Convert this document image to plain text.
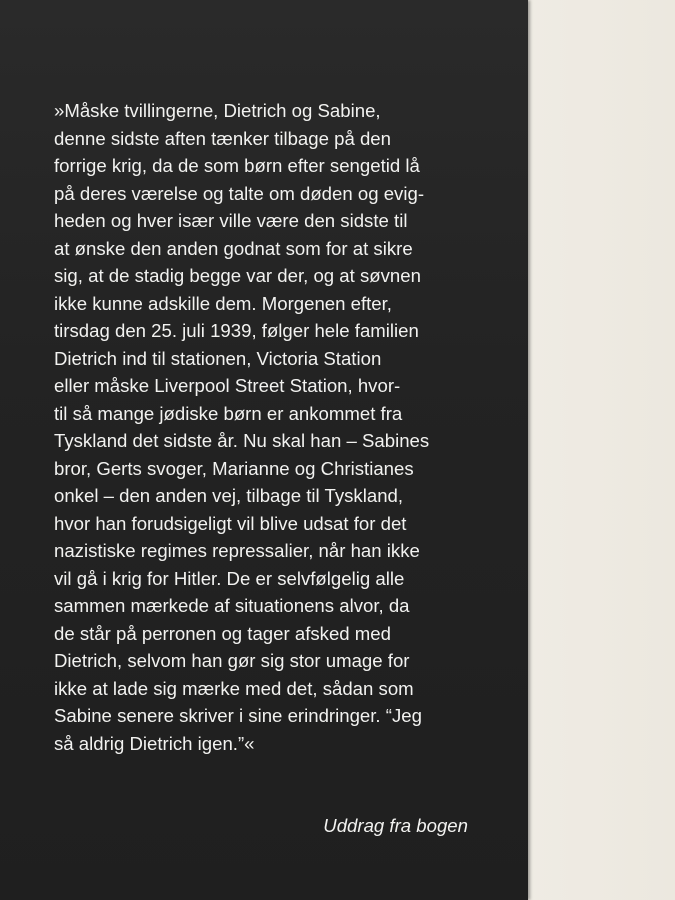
»Måske tvillingerne, Dietrich og Sabine,
denne sidste aften tænker tilbage på den
forrige krig, da de som børn efter sengetid lå
på deres værelse og talte om døden og evig-
heden og hver især ville være den sidste til
at ønske den anden godnat som for at sikre
sig, at de stadig begge var der, og at søvnen
ikke kunne adskille dem. Morgenen efter,
tirsdag den 25. juli 1939, følger hele familien
Dietrich ind til stationen, Victoria Station
eller måske Liverpool Street Station, hvor-
til så mange jødiske børn er ankommet fra
Tyskland det sidste år. Nu skal han – Sabines
bror, Gerts svoger, Marianne og Christianes
onkel – den anden vej, tilbage til Tyskland,
hvor han forudsigeligt vil blive udsat for det
nazistiske regimes repressalier, når han ikke
vil gå i krig for Hitler. De er selvfølgelig alle
sammen mærkede af situationens alvor, da
de står på perronen og tager afsked med
Dietrich, selvom han gør sig stor umage for
ikke at lade sig mærke med det, sådan som
Sabine senere skriver i sine erindringer. “Jeg
så aldrig Dietrich igen.”«

Uddrag fra bogen
